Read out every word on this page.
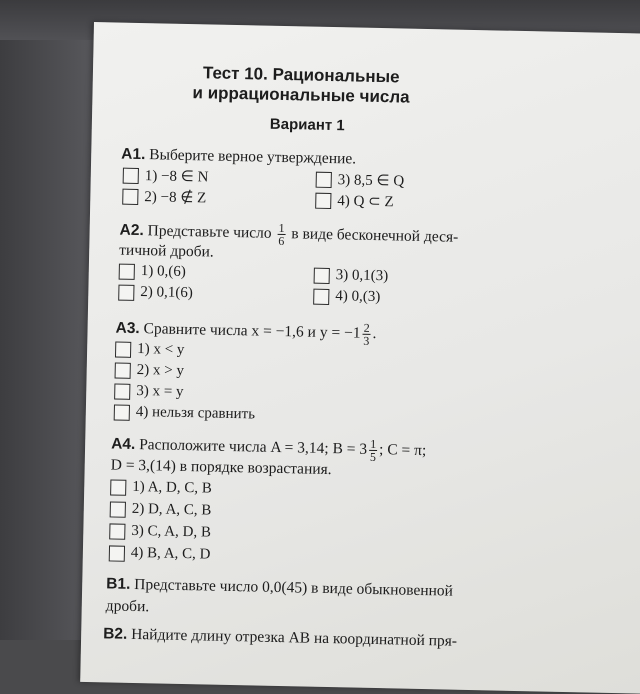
Тест 10. Рациональные
и иррациональные числа
Вариант 1
А1. Выберите верное утверждение.
1) −8 ∈ N
2) −8 ∉ Z
3) 8,5 ∈ Q
4) Q ⊂ Z
А2. Представьте число $\frac{1}{6}$ в виде бесконечной деся-
тичной дроби.
1) 0,(6)
2) 0,1(6)
3) 0,1(3)
4) 0,(3)
А3. Сравните числа x = −1,6 и $y = -1 \frac{2}{3}$ .
1) x < y
2) x > y
3) x = y
4) нельзя сравнить
А4. Расположите числа A = 3,14; $B = 3 \frac{1}{5}$ ; C = π;
D = 3,(14) в порядке возрастания.
1) A, D, C, B
2) D, A, C, B
3) C, A, D, B
4) B, A, C, D
В1. Представьте число 0,0(45) в виде обыкновенной
дроби.
В2. Найдите длину отрезка AB на координатной пря-
